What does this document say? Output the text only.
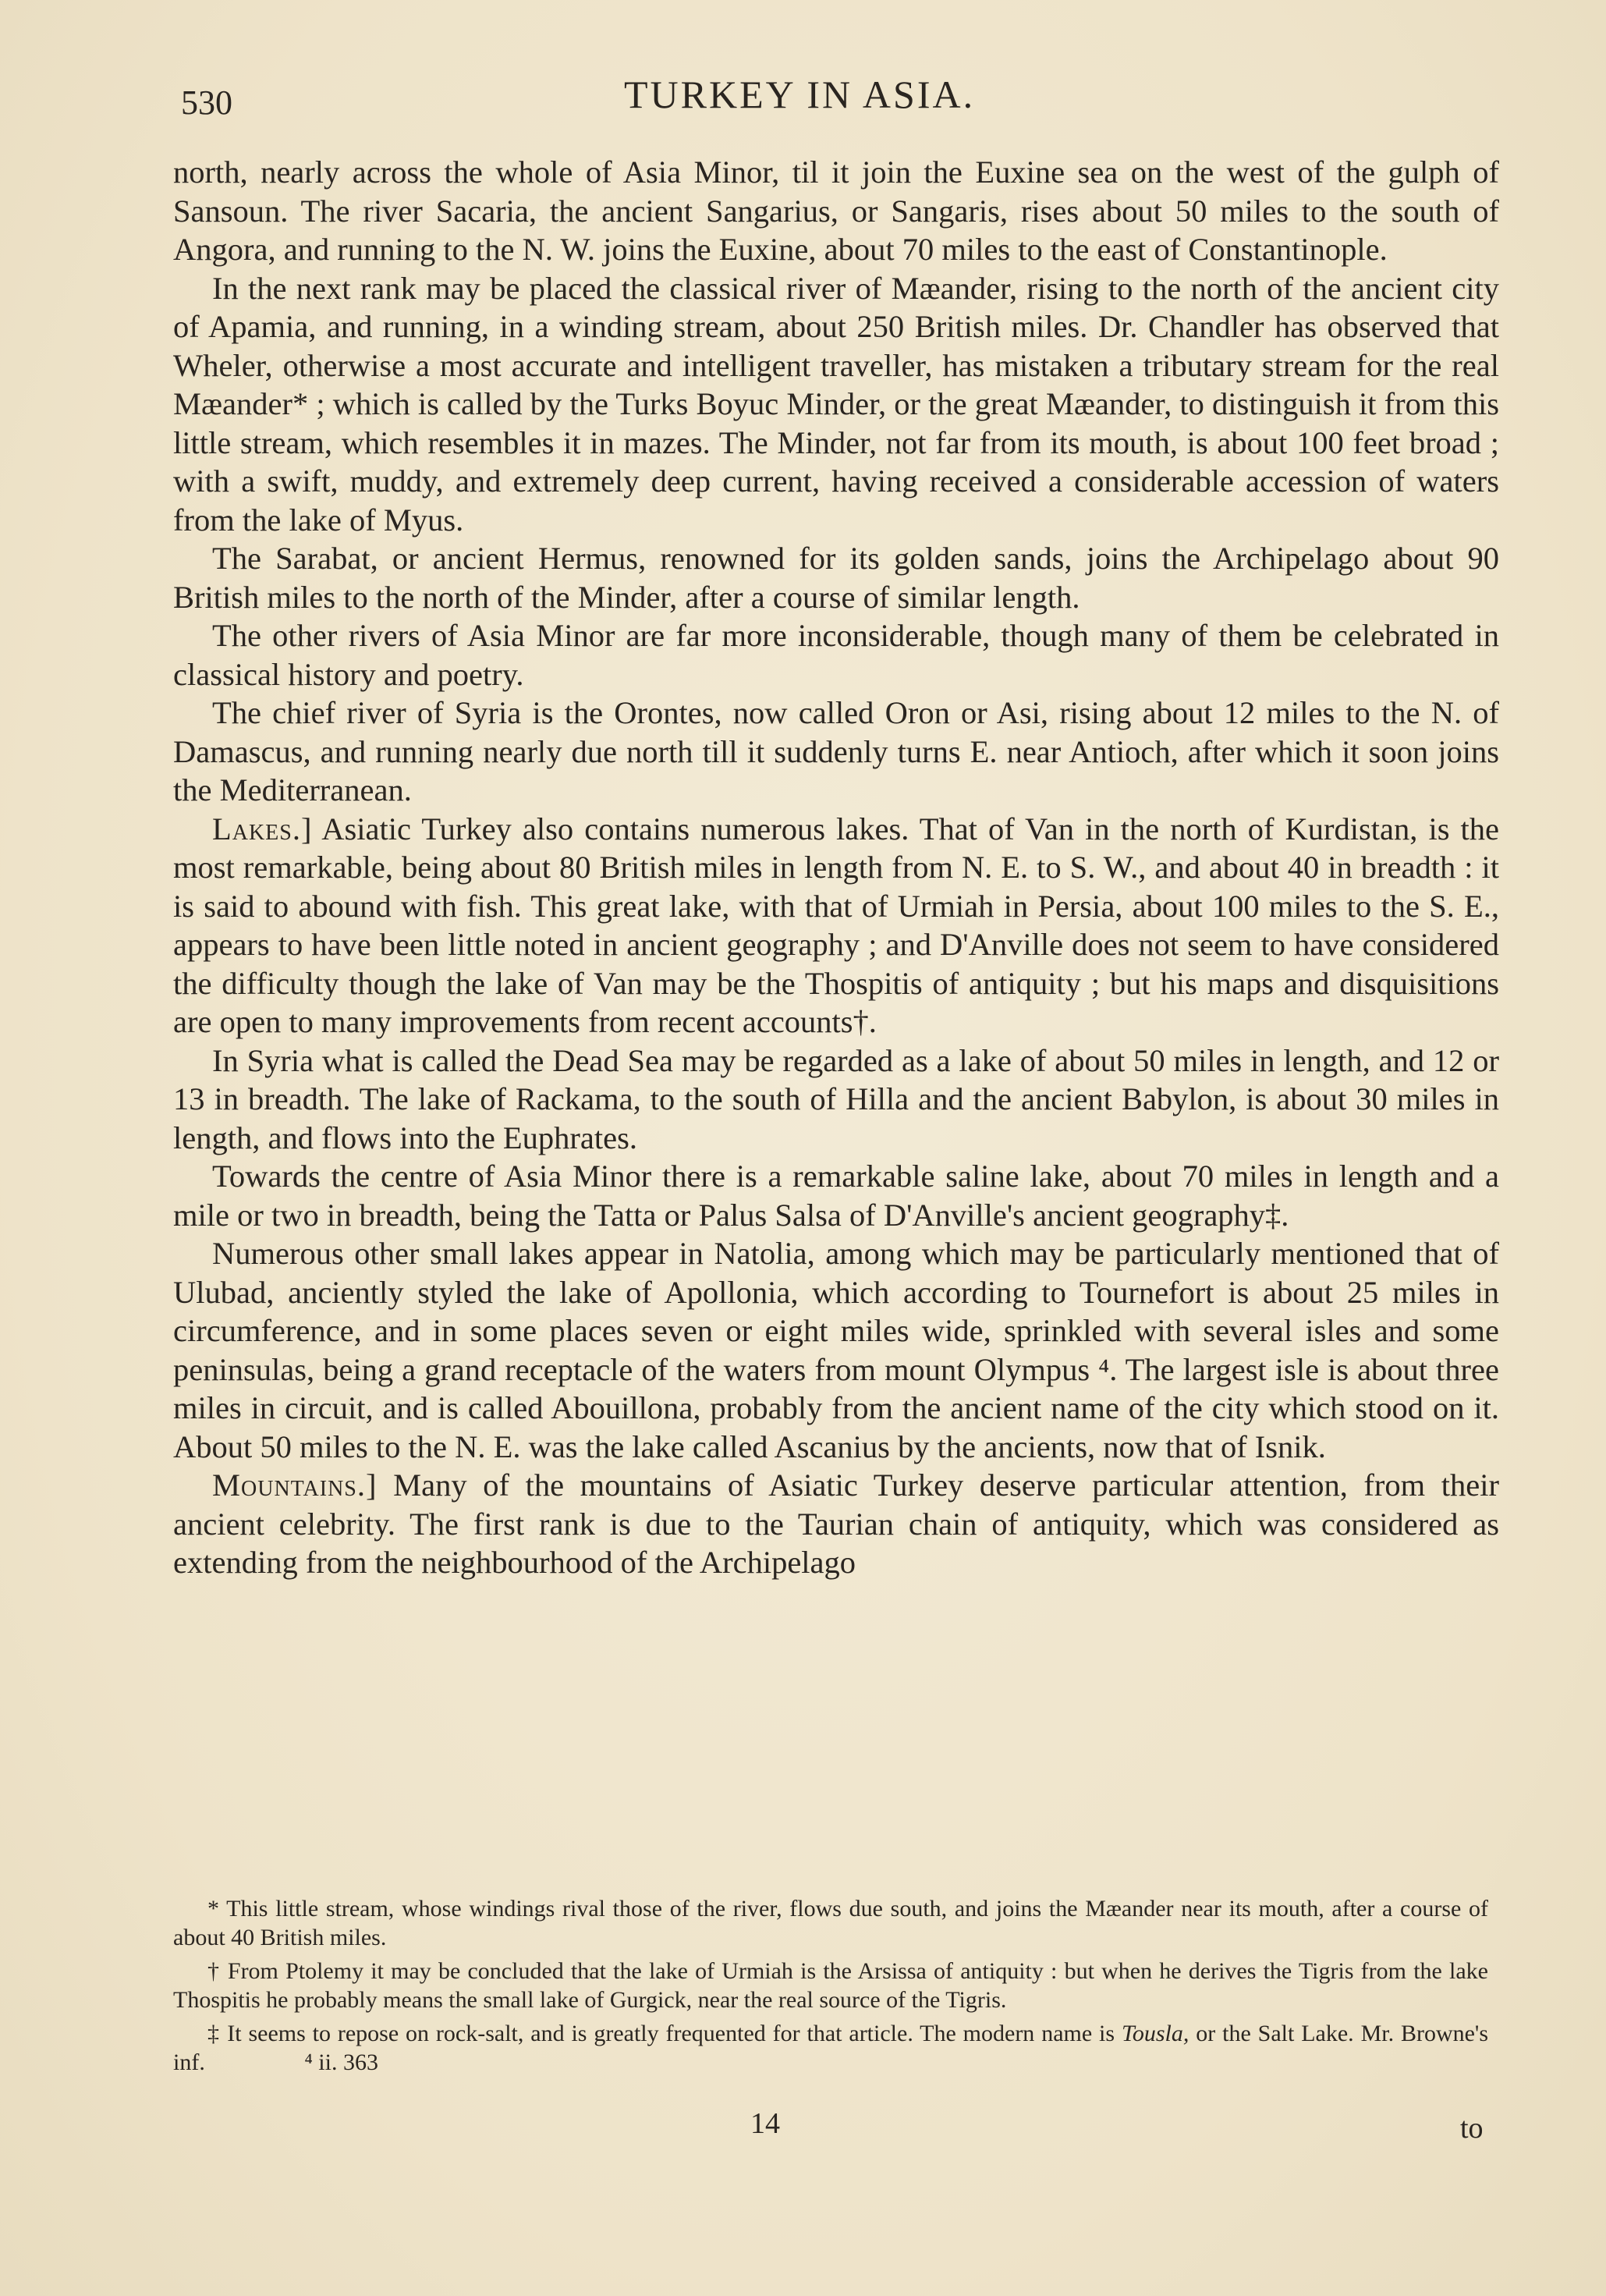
530	TURKEY IN ASIA.

north, nearly across the whole of Asia Minor, til it join the Euxine sea on the west of the gulph of Sansoun. The river Sacaria, the ancient Sangarius, or Sangaris, rises about 50 miles to the south of Angora, and running to the N. W. joins the Euxine, about 70 miles to the east of Constantinople.

In the next rank may be placed the classical river of Mæander, rising to the north of the ancient city of Apamia, and running, in a winding stream, about 250 British miles. Dr. Chandler has observed that Wheler, otherwise a most accurate and intelligent traveller, has mistaken a tributary stream for the real Mæander* ; which is called by the Turks Boyuc Minder, or the great Mæander, to distinguish it from this little stream, which resembles it in mazes. The Minder, not far from its mouth, is about 100 feet broad ; with a swift, muddy, and extremely deep current, having received a considerable accession of waters from the lake of Myus.

The Sarabat, or ancient Hermus, renowned for its golden sands, joins the Archipelago about 90 British miles to the north of the Minder, after a course of similar length.

The other rivers of Asia Minor are far more inconsiderable, though many of them be celebrated in classical history and poetry.

The chief river of Syria is the Orontes, now called Oron or Asi, rising about 12 miles to the N. of Damascus, and running nearly due north till it suddenly turns E. near Antioch, after which it soon joins the Mediterranean.

Lakes.] Asiatic Turkey also contains numerous lakes. That of Van in the north of Kurdistan, is the most remarkable, being about 80 British miles in length from N. E. to S. W., and about 40 in breadth : it is said to abound with fish. This great lake, with that of Urmiah in Persia, about 100 miles to the S. E., appears to have been little noted in ancient geography ; and D'Anville does not seem to have considered the difficulty though the lake of Van may be the Thospitis of antiquity ; but his maps and disquisitions are open to many improvements from recent accounts†.

In Syria what is called the Dead Sea may be regarded as a lake of about 50 miles in length, and 12 or 13 in breadth. The lake of Rackama, to the south of Hilla and the ancient Babylon, is about 30 miles in length, and flows into the Euphrates.

Towards the centre of Asia Minor there is a remarkable saline lake, about 70 miles in length and a mile or two in breadth, being the Tatta or Palus Salsa of D'Anville's ancient geography‡.

Numerous other small lakes appear in Natolia, among which may be particularly mentioned that of Ulubad, anciently styled the lake of Apollonia, which according to Tournefort is about 25 miles in circumference, and in some places seven or eight miles wide, sprinkled with several isles and some peninsulas, being a grand receptacle of the waters from mount Olympus ⁴. The largest isle is about three miles in circuit, and is called Abouillona, probably from the ancient name of the city which stood on it. About 50 miles to the N. E. was the lake called Ascanius by the ancients, now that of Isnik.

Mountains.] Many of the mountains of Asiatic Turkey deserve particular attention, from their ancient celebrity. The first rank is due to the Taurian chain of antiquity, which was considered as extending from the neighbourhood of the Archipelago

* This little stream, whose windings rival those of the river, flows due south, and joins the Mæander near its mouth, after a course of about 40 British miles.

† From Ptolemy it may be concluded that the lake of Urmiah is the Arsissa of antiquity : but when he derives the Tigris from the lake Thospitis he probably means the small lake of Gurgick, near the real source of the Tigris.

‡ It seems to repose on rock-salt, and is greatly frequented for that article. The modern name is Tousla, or the Salt Lake. Mr. Browne's inf.	⁴ ii. 363

14	to
